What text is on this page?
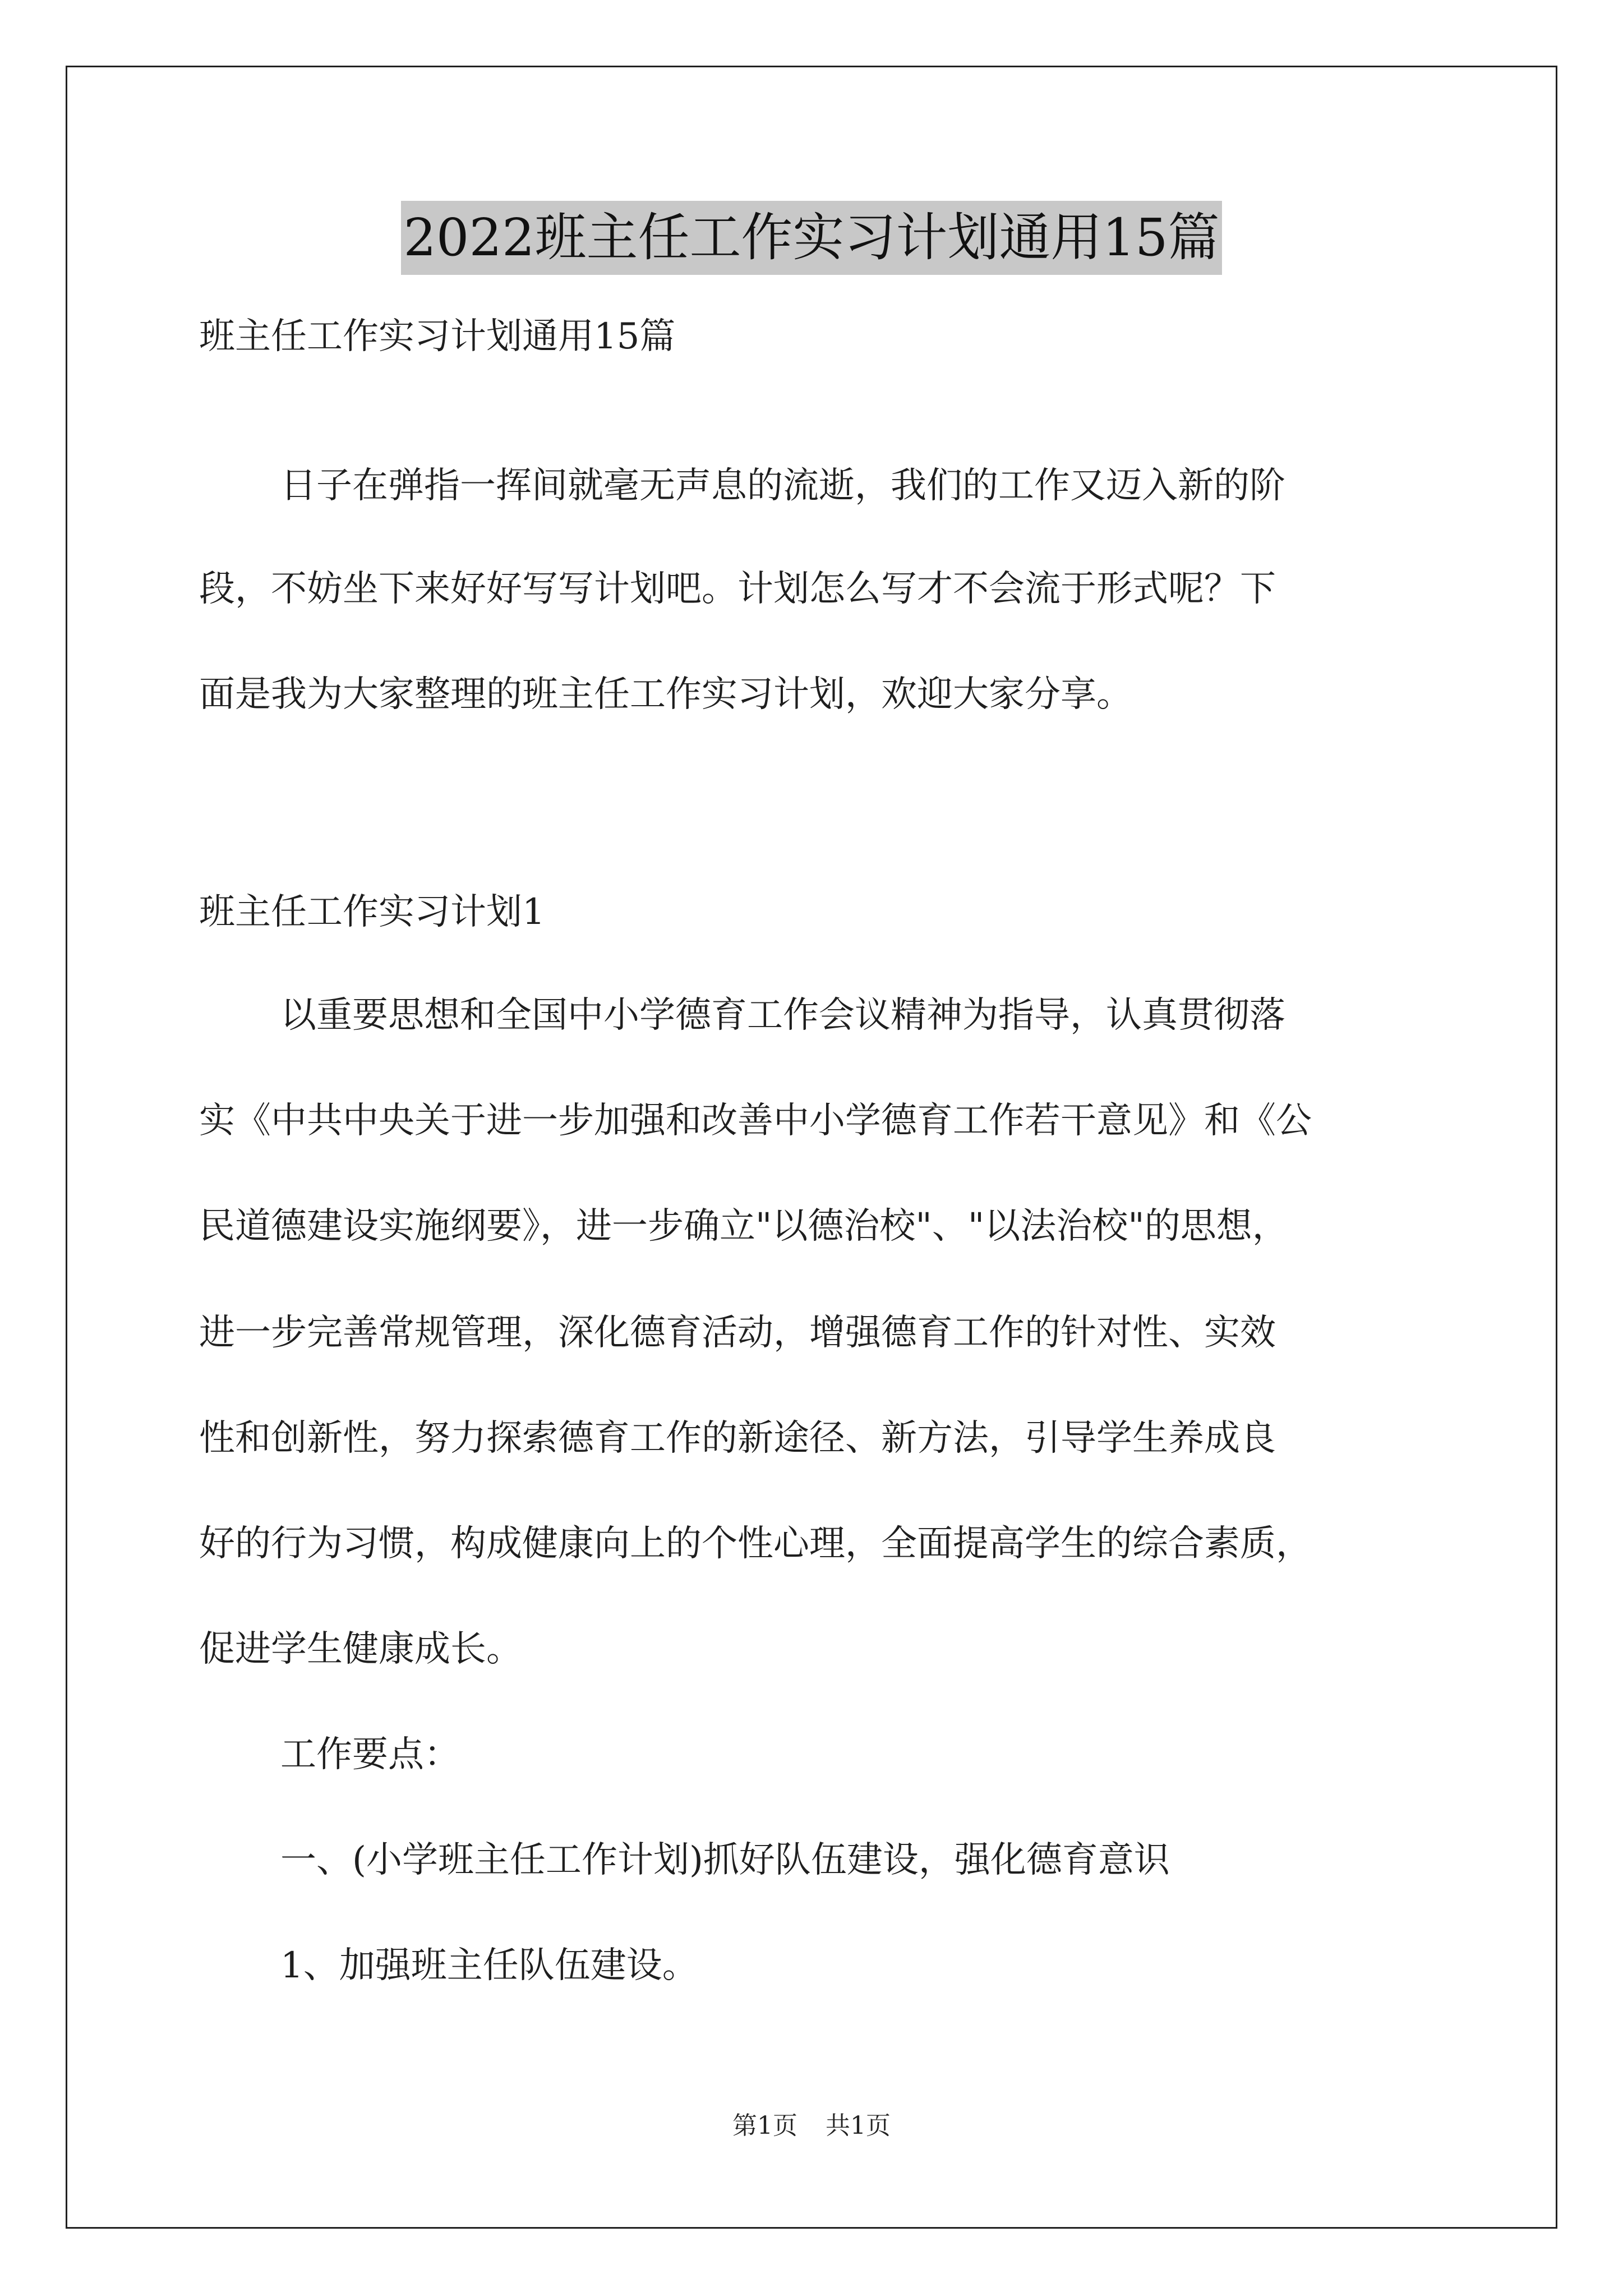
2022班主任工作实习计划通用15篇
班主任工作实习计划通用15篇
日子在弹指一挥间就毫无声息的流逝，我们的工作又迈入新的阶
段，不妨坐下来好好写写计划吧。计划怎么写才不会流于形式呢？下
面是我为大家整理的班主任工作实习计划，欢迎大家分享。
班主任工作实习计划1
以重要思想和全国中小学德育工作会议精神为指导，认真贯彻落
实《中共中央关于进一步加强和改善中小学德育工作若干意见》和《公
民道德建设实施纲要》，进一步确立"以德治校"、"以法治校"的思想，
进一步完善常规管理，深化德育活动，增强德育工作的针对性、实效
性和创新性，努力探索德育工作的新途径、新方法，引导学生养成良
好的行为习惯，构成健康向上的个性心理，全面提高学生的综合素质，
促进学生健康成长。
工作要点：
一、(小学班主任工作计划)抓好队伍建设，强化德育意识
1、加强班主任队伍建设。
第1页 共1页
